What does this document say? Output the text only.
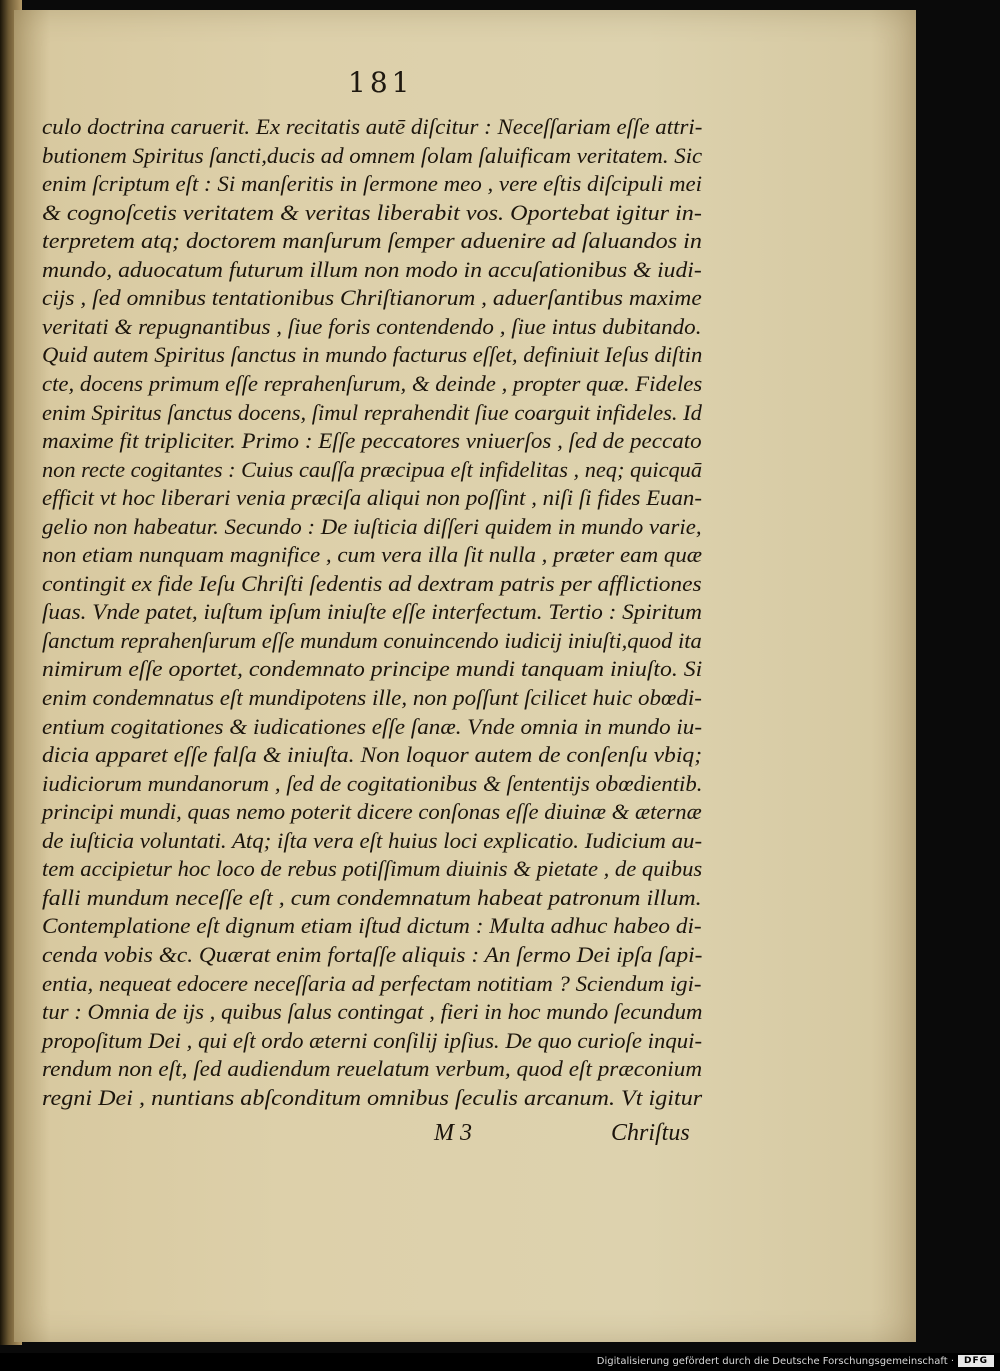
181
culo doctrina caruerit. Ex recitatis autē diſcitur : Neceſſariam eſſe attri-
butionem Spiritus ſancti,ducis ad omnem ſolam ſaluificam veritatem. Sic
enim ſcriptum eſt : Si manſeritis in ſermone meo , vere eſtis diſcipuli mei
& cognoſcetis veritatem & veritas liberabit vos. Oportebat igitur in-
terpretem atq; doctorem manſurum ſemper aduenire ad ſaluandos in
mundo, aduocatum futurum illum non modo in accuſationibus & iudi-
cijs , ſed omnibus tentationibus Chriſtianorum , aduerſantibus maxime
veritati & repugnantibus , ſiue foris contendendo , ſiue intus dubitando.
Quid autem Spiritus ſanctus in mundo facturus eſſet, definiuit Ieſus diſtin
cte, docens primum eſſe reprahenſurum, & deinde , propter quæ. Fideles
enim Spiritus ſanctus docens, ſimul reprahendit ſiue coarguit infideles. Id
maxime fit tripliciter. Primo : Eſſe peccatores vniuerſos , ſed de peccato
non recte cogitantes : Cuius cauſſa præcipua eſt infidelitas , neq; quicquā
efficit vt hoc liberari venia præciſa aliqui non poſſint , niſi ſi fides Euan-
gelio non habeatur. Secundo : De iuſticia diſſeri quidem in mundo varie,
non etiam nunquam magnifice , cum vera illa ſit nulla , præter eam quæ
contingit ex fide Ieſu Chriſti ſedentis ad dextram patris per afflictiones
ſuas. Vnde patet, iuſtum ipſum iniuſte eſſe interfectum. Tertio : Spiritum
ſanctum reprahenſurum eſſe mundum conuincendo iudicij iniuſti,quod ita
nimirum eſſe oportet, condemnato principe mundi tanquam iniuſto. Si
enim condemnatus eſt mundipotens ille, non poſſunt ſcilicet huic obœdi-
entium cogitationes & iudicationes eſſe ſanæ. Vnde omnia in mundo iu-
dicia apparet eſſe falſa & iniuſta. Non loquor autem de conſenſu vbiq;
iudiciorum mundanorum , ſed de cogitationibus & ſententijs obœdientib.
principi mundi, quas nemo poterit dicere conſonas eſſe diuinæ & æternæ
de iuſticia voluntati. Atq; iſta vera eſt huius loci explicatio. Iudicium au-
tem accipietur hoc loco de rebus potiſſimum diuinis & pietate , de quibus
falli mundum neceſſe eſt , cum condemnatum habeat patronum illum.
Contemplatione eſt dignum etiam iſtud dictum : Multa adhuc habeo di-
cenda vobis &c. Quærat enim fortaſſe aliquis : An ſermo Dei ipſa ſapi-
entia, nequeat edocere neceſſaria ad perfectam notitiam ? Sciendum igi-
tur : Omnia de ijs , quibus ſalus contingat , fieri in hoc mundo ſecundum
propoſitum Dei , qui eſt ordo æterni conſilij ipſius. De quo curioſe inqui-
rendum non eſt, ſed audiendum reuelatum verbum, quod eſt præconium
regni Dei , nuntians abſconditum omnibus ſeculis arcanum. Vt igitur
M 3	Chriſtus
Digitalisierung gefördert durch die Deutsche Forschungsgemeinschaft ·	DFG
